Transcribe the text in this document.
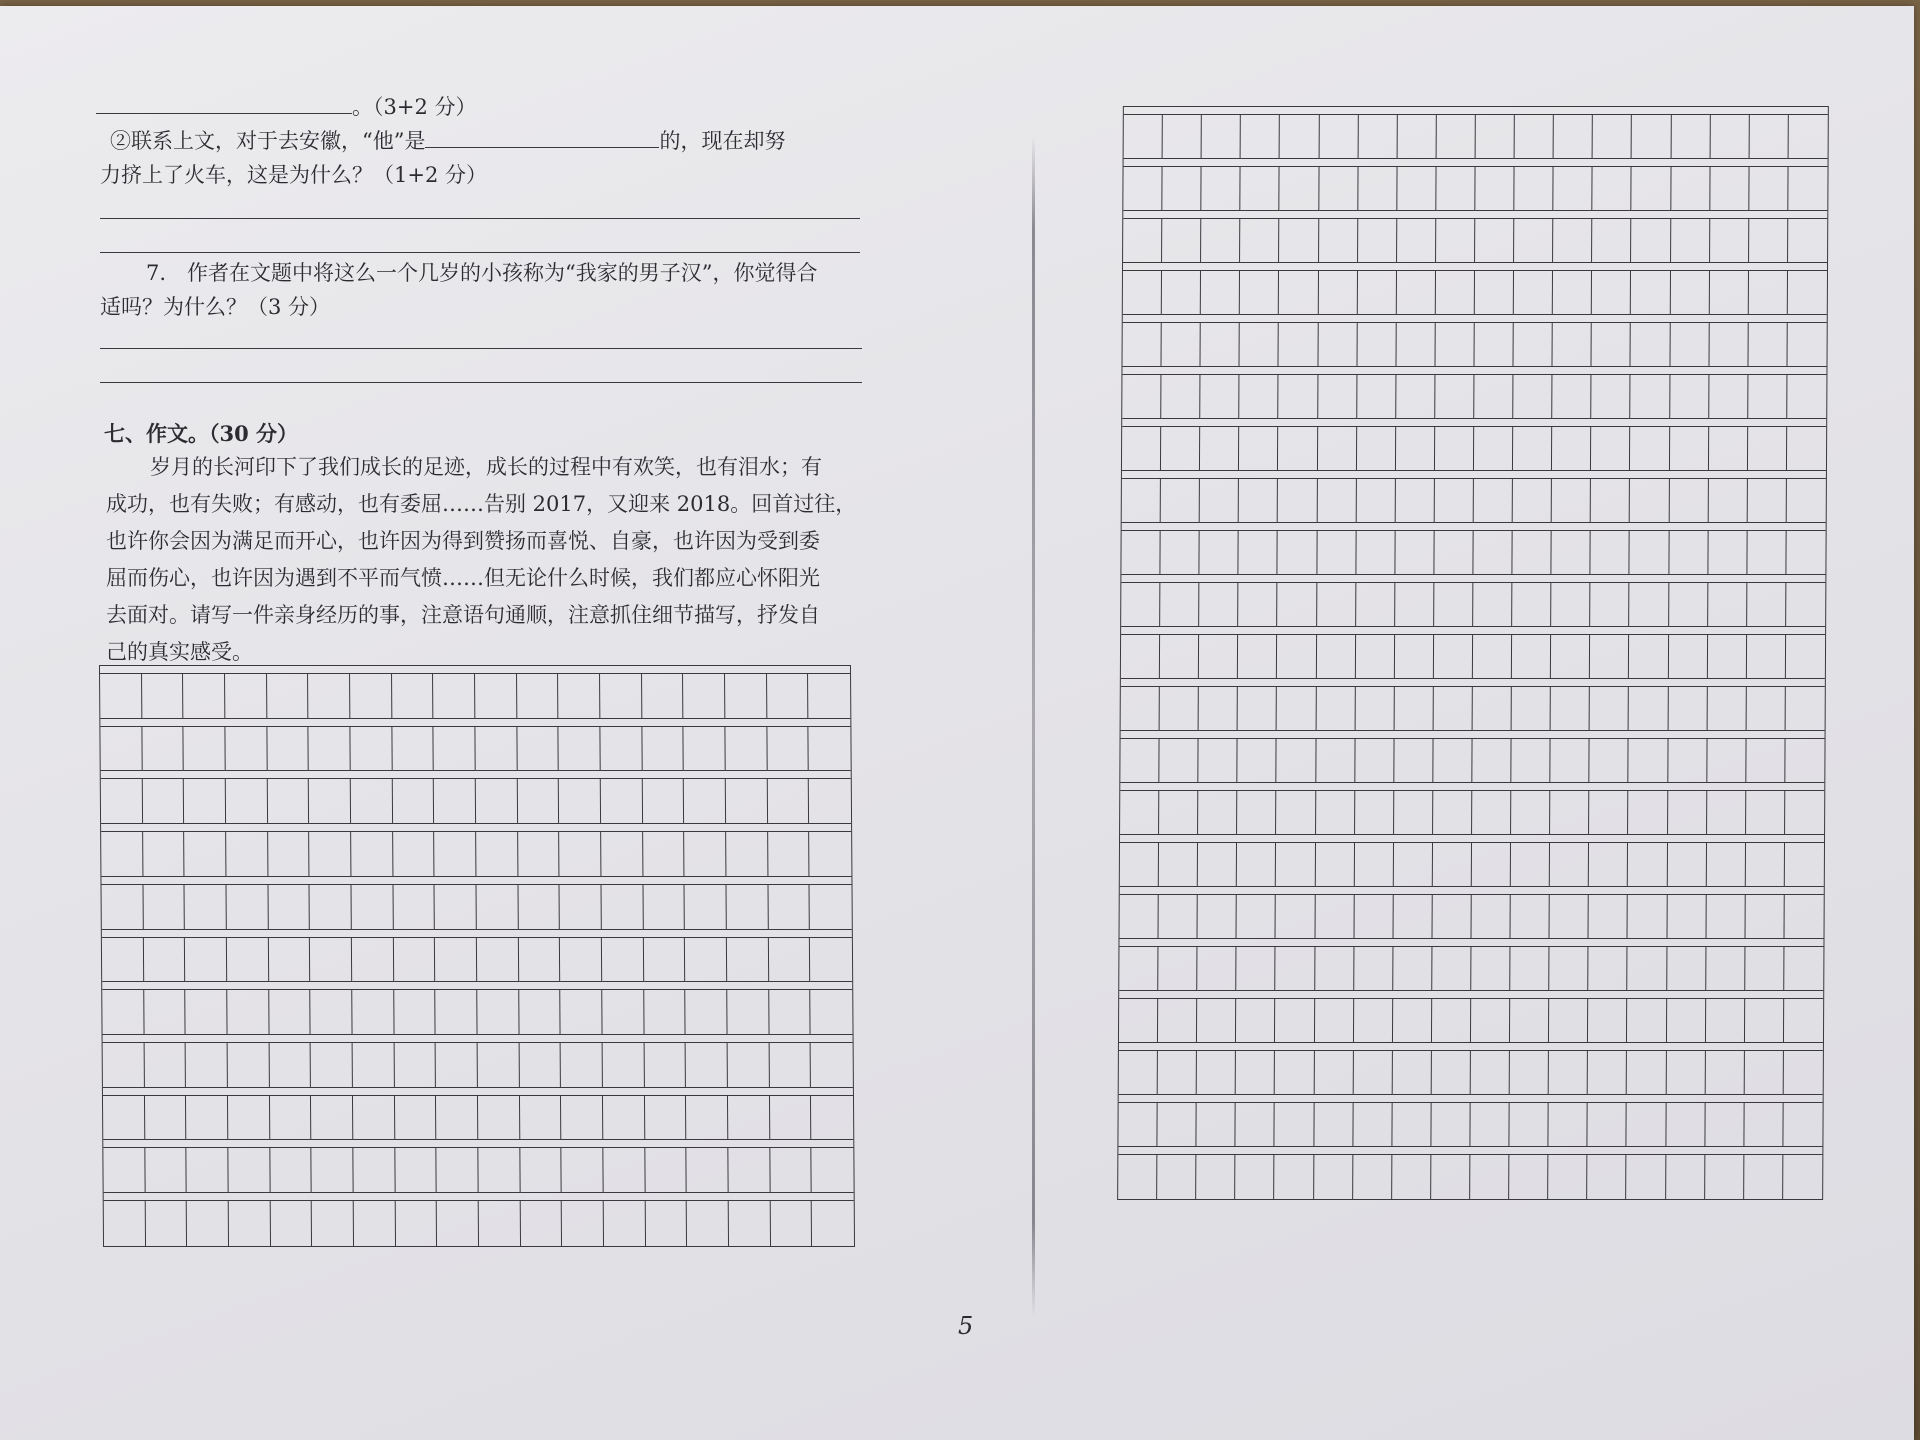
。（3+2 分）
②联系上文，对于去安徽，“他”是	的，现在却努
力挤上了火车，这是为什么？（1+2 分）
7.　作者在文题中将这么一个几岁的小孩称为“我家的男子汉”，你觉得合
适吗？为什么？（3 分）
七、作文。（30 分）
岁月的长河印下了我们成长的足迹，成长的过程中有欢笑，也有泪水；有
成功，也有失败；有感动，也有委屈……告别 2017，又迎来 2018。回首过往，
也许你会因为满足而开心，也许因为得到赞扬而喜悦、自豪，也许因为受到委
屈而伤心，也许因为遇到不平而气愤……但无论什么时候，我们都应心怀阳光
去面对。请写一件亲身经历的事，注意语句通顺，注意抓住细节描写，抒发自
己的真实感受。
5
